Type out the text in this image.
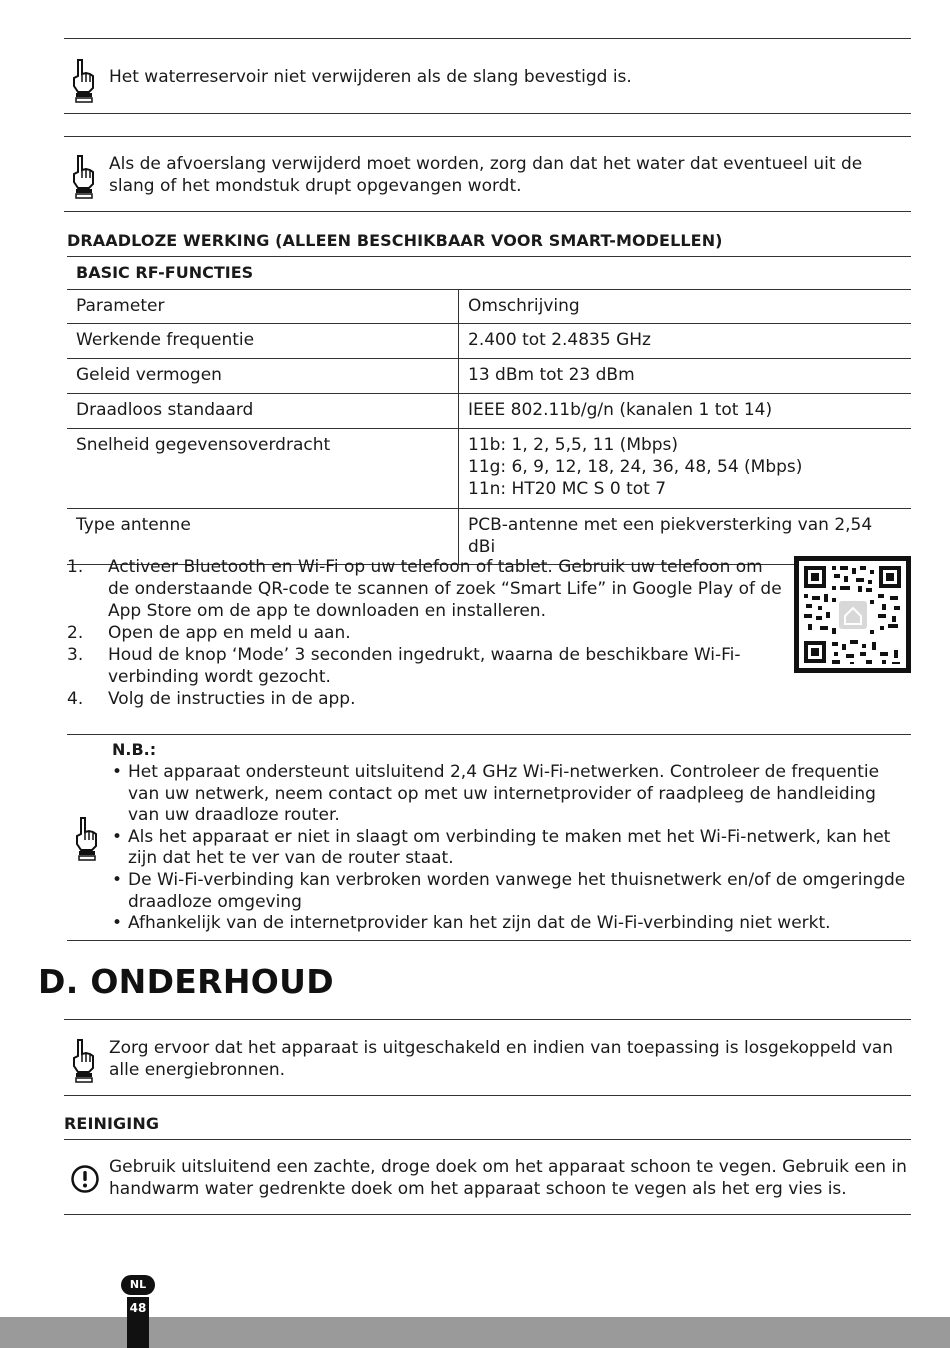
Het waterreservoir niet verwijderen als de slang bevestigd is.
Als de afvoerslang verwijderd moet worden, zorg dan dat het water dat eventueel uit de slang of het mondstuk drupt opgevangen wordt.
DRAADLOZE WERKING (ALLEEN BESCHIKBAAR VOOR SMART-MODELLEN)
BASIC RF-FUNCTIES	
Parameter	Omschrijving
Werkende frequentie	2.400 tot 2.4835 GHz
Geleid vermogen	13 dBm tot 23 dBm
Draadloos standaard	IEEE 802.11b/g/n (kanalen 1 tot 14)
Snelheid gegevensoverdracht	11b: 1, 2, 5,5, 11 (Mbps)
11g: 6, 9, 12, 18, 24, 36, 48, 54 (Mbps)
11n: HT20 MC S 0 tot 7

Type antenne	PCB-antenne met een piekversterking van 2,54 dBi
1. Activeer Bluetooth en Wi-Fi op uw telefoon of tablet. Gebruik uw telefoon om de onderstaande QR-code te scannen of zoek “Smart Life” in Google Play of de App Store om de app te downloaden en installeren.
2. Open de app en meld u aan.
3. Houd de knop ‘Mode’ 3 seconden ingedrukt, waarna de beschikbare Wi-Fi-verbinding wordt gezocht.
4. Volg de instructies in de app.
N.B.:
• Het apparaat ondersteunt uitsluitend 2,4 GHz Wi-Fi-netwerken. Controleer de frequentie van uw netwerk, neem contact op met uw internetprovider of raadpleeg de handleiding van uw draadloze router.
• Als het apparaat er niet in slaagt om verbinding te maken met het Wi-Fi-netwerk, kan het zijn dat het te ver van de router staat.
• De Wi-Fi-verbinding kan verbroken worden vanwege het thuisnetwerk en/of de omgeringde draadloze omgeving
• Afhankelijk van de internetprovider kan het zijn dat de Wi-Fi-verbinding niet werkt.
D. ONDERHOUD
Zorg ervoor dat het apparaat is uitgeschakeld en indien van toepassing is losgekoppeld van alle energiebronnen.
REINIGING
Gebruik uitsluitend een zachte, droge doek om het apparaat schoon te vegen. Gebruik een in handwarm water gedrenkte doek om het apparaat schoon te vegen als het erg vies is.
NL
48
